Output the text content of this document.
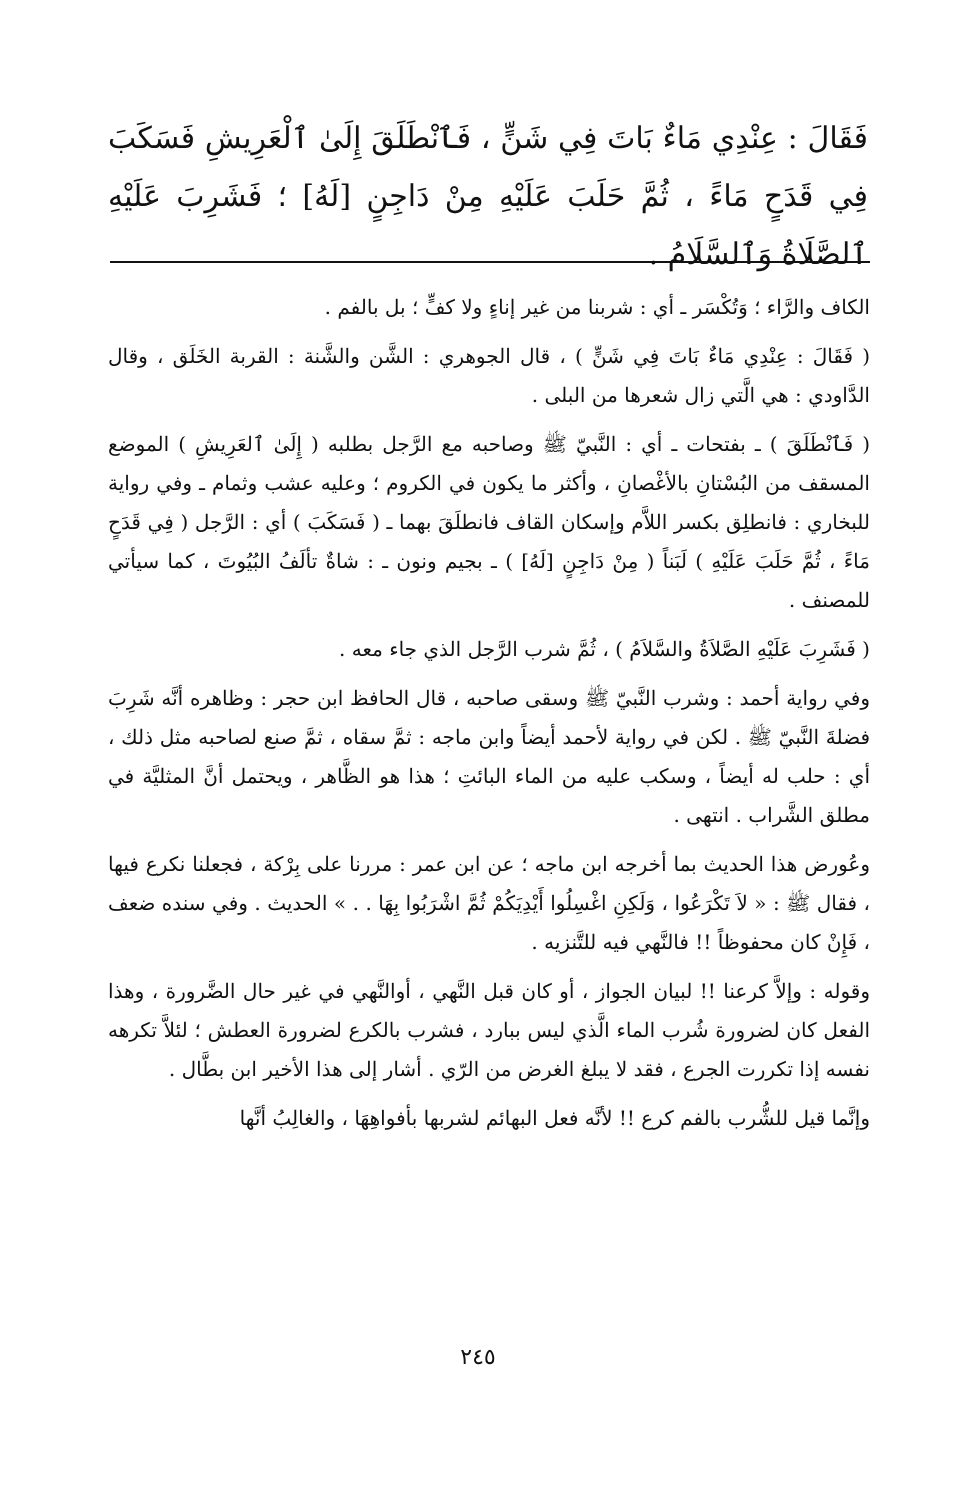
فَقَالَ : عِنْدِي مَاءٌ بَاتَ فِي شَنٍّ ، فَٱنْطَلَقَ إِلَىٰ ٱلْعَرِيشِ فَسَكَبَ فِي قَدَحٍ مَاءً ، ثُمَّ حَلَبَ عَلَيْهِ مِنْ دَاجِنٍ [لَهُ] ؛ فَشَرِبَ عَلَيْهِ ٱلصَّلَاةُ وَٱلسَّلَامُ .

الكاف والرَّاء ؛ وَتُكْسَر ـ أي : شربنا من غير إناءٍ ولا كفٍّ ؛ بل بالفم .

( فَقَالَ : عِنْدِي مَاءٌ بَاتَ فِي شَنٍّ ) ، قال الجوهري : الشَّن والشَّنة : القربة الخَلَق ، وقال الدَّاودي : هي الَّتي زال شعرها من البلى .

( فَٱنْطَلَقَ ) ـ بفتحات ـ أي : النَّبيّ ﷺ وصاحبه مع الرَّجل بطلبه ( إِلَىٰ ٱلعَرِيشِ ) الموضع المسقف من البُسْتانِ بالأغْصانِ ، وأكثر ما يكون في الكروم ؛ وعليه عشب وثمام ـ وفي رواية للبخاري : فانطلِق بكسر اللاَّم وإسكان القاف فانطلَقَ بهما ـ ( فَسَكَبَ ) أي : الرَّجل ( فِي قَدَحٍ مَاءً ، ثُمَّ حَلَبَ عَلَيْهِ ) لَبَناً ( مِنْ دَاجِنٍ [لَهُ] ) ـ بجيم ونون ـ : شاةٌ تألَفُ البُيُوتَ ، كما سيأتي للمصنف .

( فَشَرِبَ عَلَيْهِ الصَّلاَةُ والسَّلاَمُ ) ، ثُمَّ شرب الرَّجل الذي جاء معه .

وفي رواية أحمد : وشرب النَّبيّ ﷺ وسقى صاحبه ، قال الحافظ ابن حجر : وظاهره أنَّه شَرِبَ فضلةَ النَّبيّ ﷺ . لكن في رواية لأحمد أيضاً وابن ماجه : ثمَّ سقاه ، ثمَّ صنع لصاحبه مثل ذلك ، أي : حلب له أيضاً ، وسكب عليه من الماء البائتِ ؛ هذا هو الظَّاهر ، ويحتمل أنَّ المثليَّة في مطلق الشَّراب . انتهى .

وعُورض هذا الحديث بما أخرجه ابن ماجه ؛ عن ابن عمر : مررنا على بِرْكة ، فجعلنا نكرع فيها ، فقال ﷺ : « لاَ تَكْرَعُوا ، وَلَكِنِ اغْسِلُوا أَيْدِيَكُمْ ثُمَّ اشْرَبُوا بِهَا . . » الحديث . وفي سنده ضعف ، فَإِنْ كان محفوظاً !! فالنَّهي فيه للتَّنزيه .

وقوله : وإلاَّ كرعنا !! لبيان الجواز ، أو كان قبل النَّهي ، أوالنَّهي في غير حال الضَّرورة ، وهذا الفعل كان لضرورة شُرب الماء الَّذي ليس ببارد ، فشرب بالكرع لضرورة العطش ؛ لئلاَّ تكرهه نفسه إذا تكررت الجرع ، فقد لا يبلغ الغرض من الرّي . أشار إلى هذا الأخير ابن بطَّال .

وإنَّما قيل للشُّرب بالفم كرع !! لأنَّه فعل البهائم لشربها بأفواهِهَا ، والغالِبُ أنَّها

٢٤٥
